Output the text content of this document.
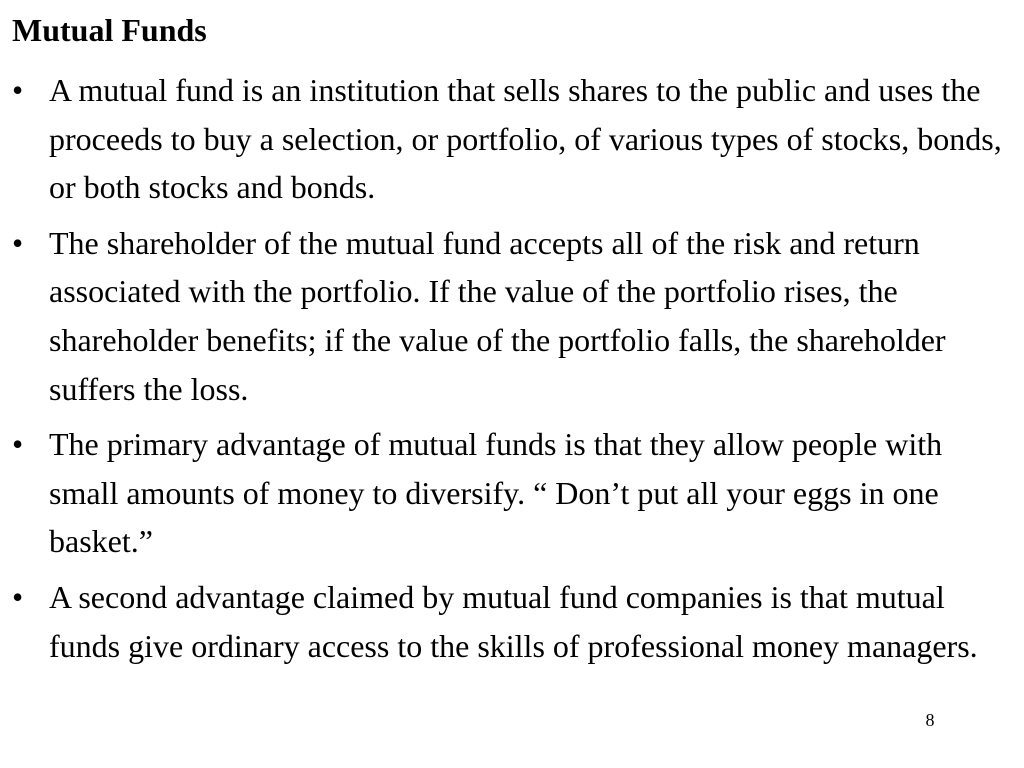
Mutual Funds
• A mutual fund is an institution that sells shares to the public and uses the proceeds to buy a selection, or portfolio, of various types of stocks, bonds, or both stocks and bonds.
• The shareholder of the mutual fund accepts all of the risk and return associated with the portfolio. If the value of the portfolio rises, the shareholder benefits; if the value of the portfolio falls, the shareholder suffers the loss.
• The primary advantage of mutual funds is that they allow people with small amounts of money to diversify. “ Don’t put all your eggs in one basket.”
• A second advantage claimed by mutual fund companies is that mutual funds give ordinary access to the skills of professional money managers.
8
